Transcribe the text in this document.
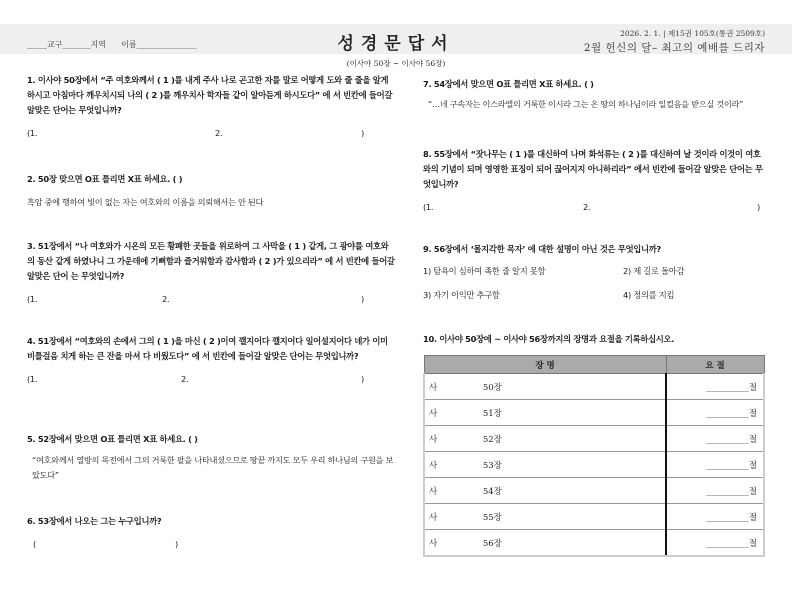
_____교구_______지역      이름_______________	성경문답서
2026. 2. 1. | 제15권 105호(통권 2509호)
2월 헌신의 달– 최고의 예배를 드리자
(이사야 50장 ~ 이사야 56장)
1. 이사야 50장에서 “주 여호와께서 ( 1 )를 내게 주사 나로 곤고한 자를 말로 어떻게 도와 줄 줄을 알게 하시고 아침마다 깨우치시되 나의 ( 2 )를 깨우치사 학자들 같이 알아듣게 하시도다” 에 서 빈칸에 들어갈 알맞은 단어는 무엇입니까?
(1.	2.	)
2. 50장 맞으면 O표 틀리면 X표 하세요. ( )
흑암 중에 행하여 빛이 없는 자는 여호와의 이름을 의뢰해서는 안 된다
3. 51장에서 “나 여호와가 시온의 모든 황폐한 곳들을 위로하여 그 사막을 ( 1 ) 같게, 그 광야를 여호와의 동산 같게 하였나니 그 가운데에 기뻐함과 즐거워함과 감사함과 ( 2 )가 있으리라” 에 서 빈칸에 들어갈 알맞은 단어 는 무엇입니까?
(1.	2.	)
4. 51장에서 “여호와의 손에서 그의 ( 1 )을 마신 ( 2 )이여 깰지어다 깰지어다 일어설지어다 네가 이미 비틀걸음 치게 하는 큰 잔을 마셔 다 비웠도다” 에 서 빈칸에 들어갈 알맞은 단어는 무엇입니까?
(1.	2.	)
5. 52장에서 맞으면 O표 틀리면 X표 하세요. ( )
“여호와께서 열방의 목전에서 그의 거룩한 팔을 나타내셨으므로 땅끝 까지도 모두 우리 하나님의 구원을 보았도다”
6. 53장에서 나오는 그는 누구입니까?
(	)
7. 54장에서 맞으면 O표 틀리면 X표 하세요. ( )
“…네 구속자는 이스라엘의 거룩한 이시라 그는 온 땅의 하나님이라 일컬음을 받으실 것이라”
8. 55장에서 “잣나무는 ( 1 )를 대신하여 나며 화석류는 ( 2 )를 대신하여 날 것이라 이것이 여호와의 기념이 되며 영영한 표징이 되어 끊어지지 아니하리라” 에서 빈칸에 들어갈 알맞은 단어는 무엇입니까?
(1.	2.	)
9. 56장에서 ‘몰지각한 목자’ 에 대한 설명이 아닌 것은 무엇입니까?
1) 탐욕이 심하여 족한 줄 알지 못함	2) 제 길로 돌아감
3) 자기 이익만 추구함	4) 정의를 지킴
10. 이사야 50장에 ~ 이사야 56장까지의 장명과 요절을 기록하십시오.
장 명		요 절
사	50장	__________절
사	51장	__________절
사	52장	__________절
사	53장	__________절
사	54장	__________절
사	55장	__________절
사	56장	__________절
